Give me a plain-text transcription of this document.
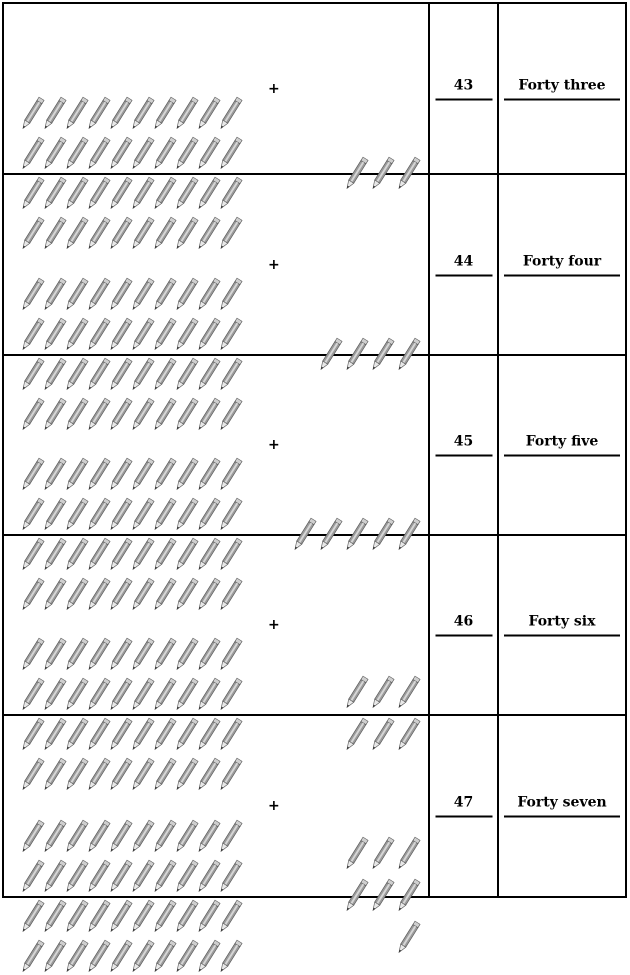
+	43	Forty three

+	44	Forty four

+	45	Forty five

+	46	Forty six

+	47	Forty seven
